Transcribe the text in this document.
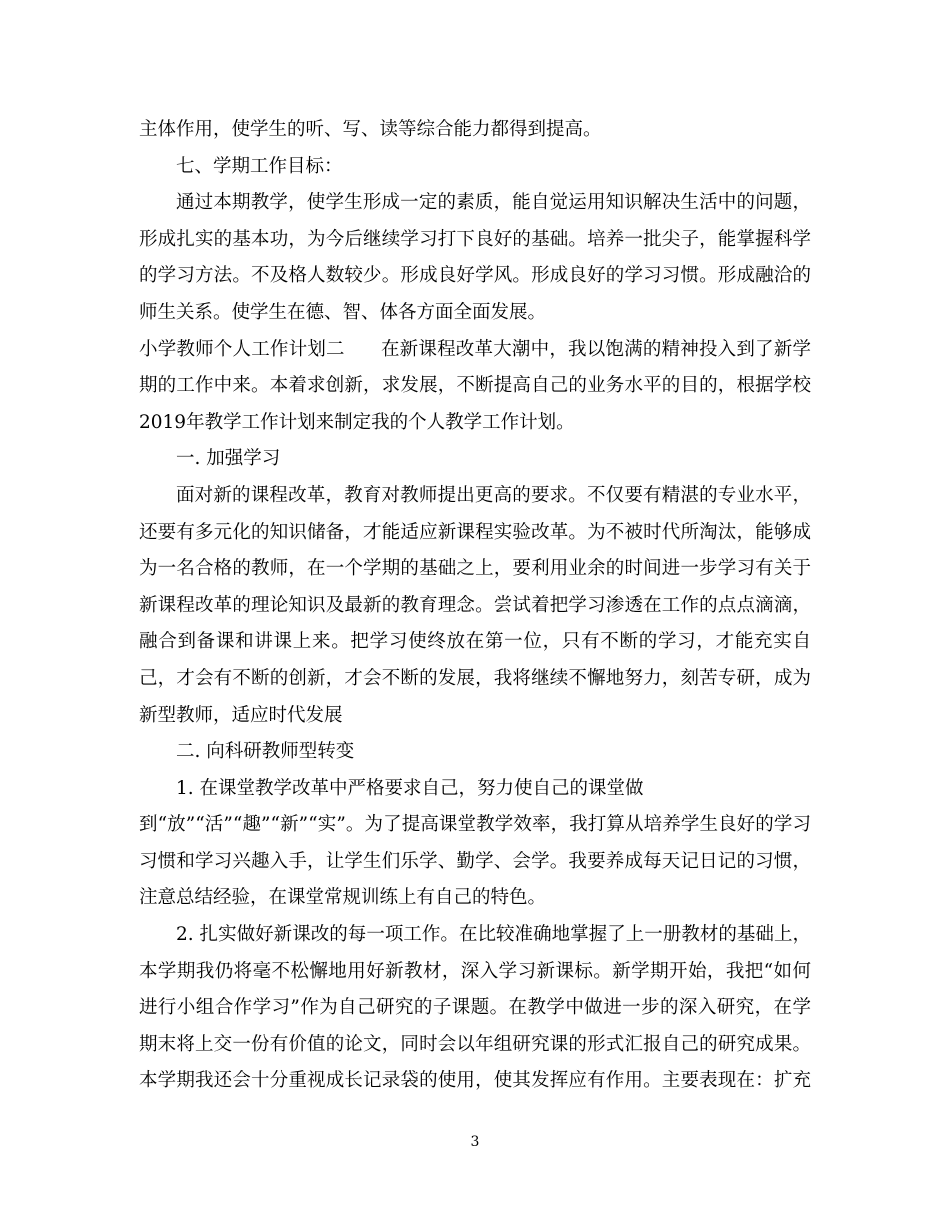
主体作用，使学生的听、写、读等综合能力都得到提高。
七、学期工作目标：
通过本期教学，使学生形成一定的素质，能自觉运用知识解决生活中的问题，
形成扎实的基本功，为今后继续学习打下良好的基础。培养一批尖子，能掌握科学
的学习方法。不及格人数较少。形成良好学风。形成良好的学习习惯。形成融洽的
师生关系。使学生在德、智、体各方面全面发展。
小学教师个人工作计划二 在新课程改革大潮中，我以饱满的精神投入到了新学
期的工作中来。本着求创新，求发展，不断提高自己的业务水平的目的，根据学校
2019年教学工作计划来制定我的个人教学工作计划。
一. 加强学习
面对新的课程改革，教育对教师提出更高的要求。不仅要有精湛的专业水平，
还要有多元化的知识储备，才能适应新课程实验改革。为不被时代所淘汰，能够成
为一名合格的教师，在一个学期的基础之上，要利用业余的时间进一步学习有关于
新课程改革的理论知识及最新的教育理念。尝试着把学习渗透在工作的点点滴滴，
融合到备课和讲课上来。把学习使终放在第一位，只有不断的学习，才能充实自
己，才会有不断的创新，才会不断的发展，我将继续不懈地努力，刻苦专研，成为
新型教师，适应时代发展
二. 向科研教师型转变
1. 在课堂教学改革中严格要求自己，努力使自己的课堂做
到“放”“活”“趣”“新”“实”。为了提高课堂教学效率，我打算从培养学生良好的学习
习惯和学习兴趣入手，让学生们乐学、勤学、会学。我要养成每天记日记的习惯，
注意总结经验，在课堂常规训练上有自己的特色。
2. 扎实做好新课改的每一项工作。在比较准确地掌握了上一册教材的基础上，
本学期我仍将毫不松懈地用好新教材，深入学习新课标。新学期开始，我把“如何
进行小组合作学习”作为自己研究的子课题。在教学中做进一步的深入研究，在学
期末将上交一份有价值的论文，同时会以年组研究课的形式汇报自己的研究成果。
本学期我还会十分重视成长记录袋的使用，使其发挥应有作用。主要表现在：扩充
3
